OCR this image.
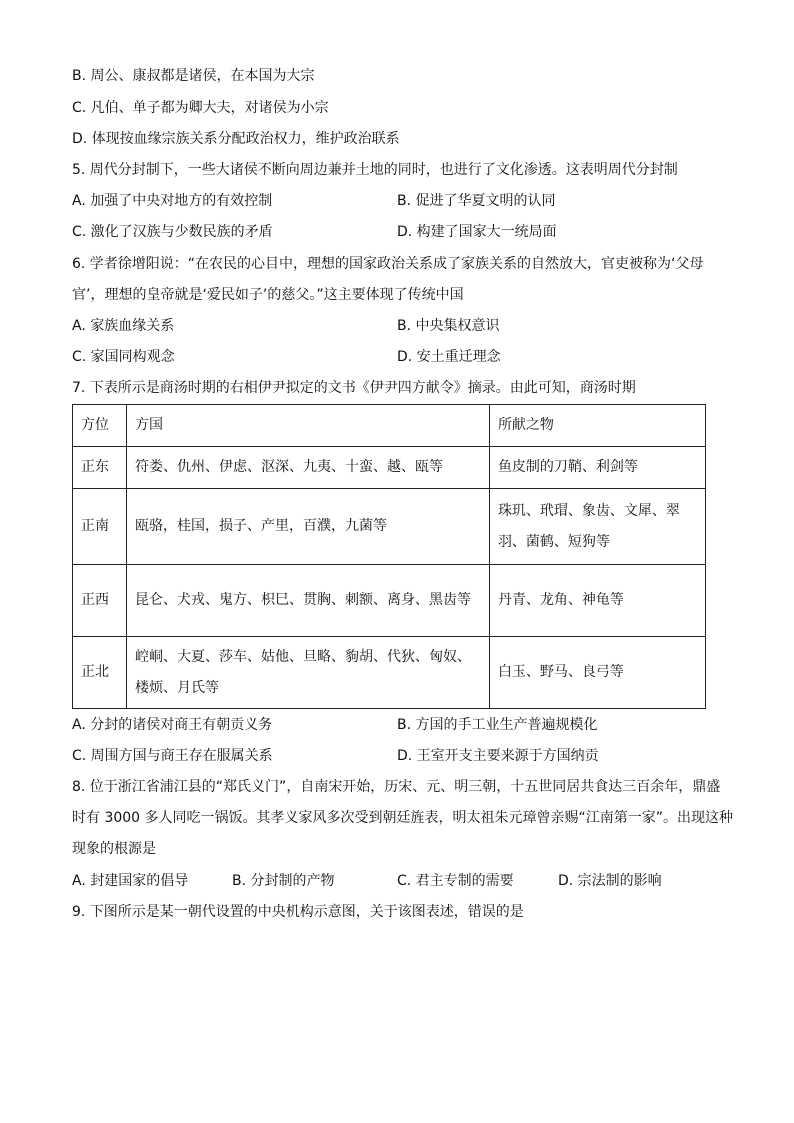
B. 周公、康叔都是诸侯，在本国为大宗
C. 凡伯、单子都为卿大夫，对诸侯为小宗
D. 体现按血缘宗族关系分配政治权力，维护政治联系
5. 周代分封制下，一些大诸侯不断向周边兼并土地的同时，也进行了文化渗透。这表明周代分封制
A. 加强了中央对地方的有效控制	B. 促进了华夏文明的认同
C. 激化了汉族与少数民族的矛盾	D. 构建了国家大一统局面
6. 学者徐增阳说：“在农民的心目中，理想的国家政治关系成了家族关系的自然放大，官吏被称为‘父母
官’，理想的皇帝就是‘爱民如子’的慈父。”这主要体现了传统中国
A. 家族血缘关系	B. 中央集权意识
C. 家国同构观念	D. 安土重迁理念
7. 下表所示是商汤时期的右相伊尹拟定的文书《伊尹四方献令》摘录。由此可知，商汤时期
方位	方国	所献之物
正东	符娄、仇州、伊虑、沤深、九夷、十蛮、越、瓯等	鱼皮制的刀鞘、利剑等
正南	瓯骆，桂国，损子、产里，百濮，九菌等	珠玑、玳瑁、象齿、文犀、翠羽、菌鹤、短狗等
正西	昆仑、犬戎、鬼方、枳巳、贯胸、刺额、离身、黑齿等	丹青、龙角、神龟等
正北	崆峒、大夏、莎车、姑他、旦略、豿胡、代狄、匈奴、楼烦、月氏等	白玉、野马、良弓等
A. 分封的诸侯对商王有朝贡义务	B. 方国的手工业生产普遍规模化
C. 周围方国与商王存在服属关系	D. 王室开支主要来源于方国纳贡
8. 位于浙江省浦江县的“郑氏义门”，自南宋开始，历宋、元、明三朝，十五世同居共食达三百余年，鼎盛
时有 3000 多人同吃一锅饭。其孝义家风多次受到朝廷旌表，明太祖朱元璋曾亲赐“江南第一家”。出现这种
现象的根源是
A. 封建国家的倡导	B. 分封制的产物	C. 君主专制的需要	D. 宗法制的影响
9. 下图所示是某一朝代设置的中央机构示意图，关于该图表述，错误的是
